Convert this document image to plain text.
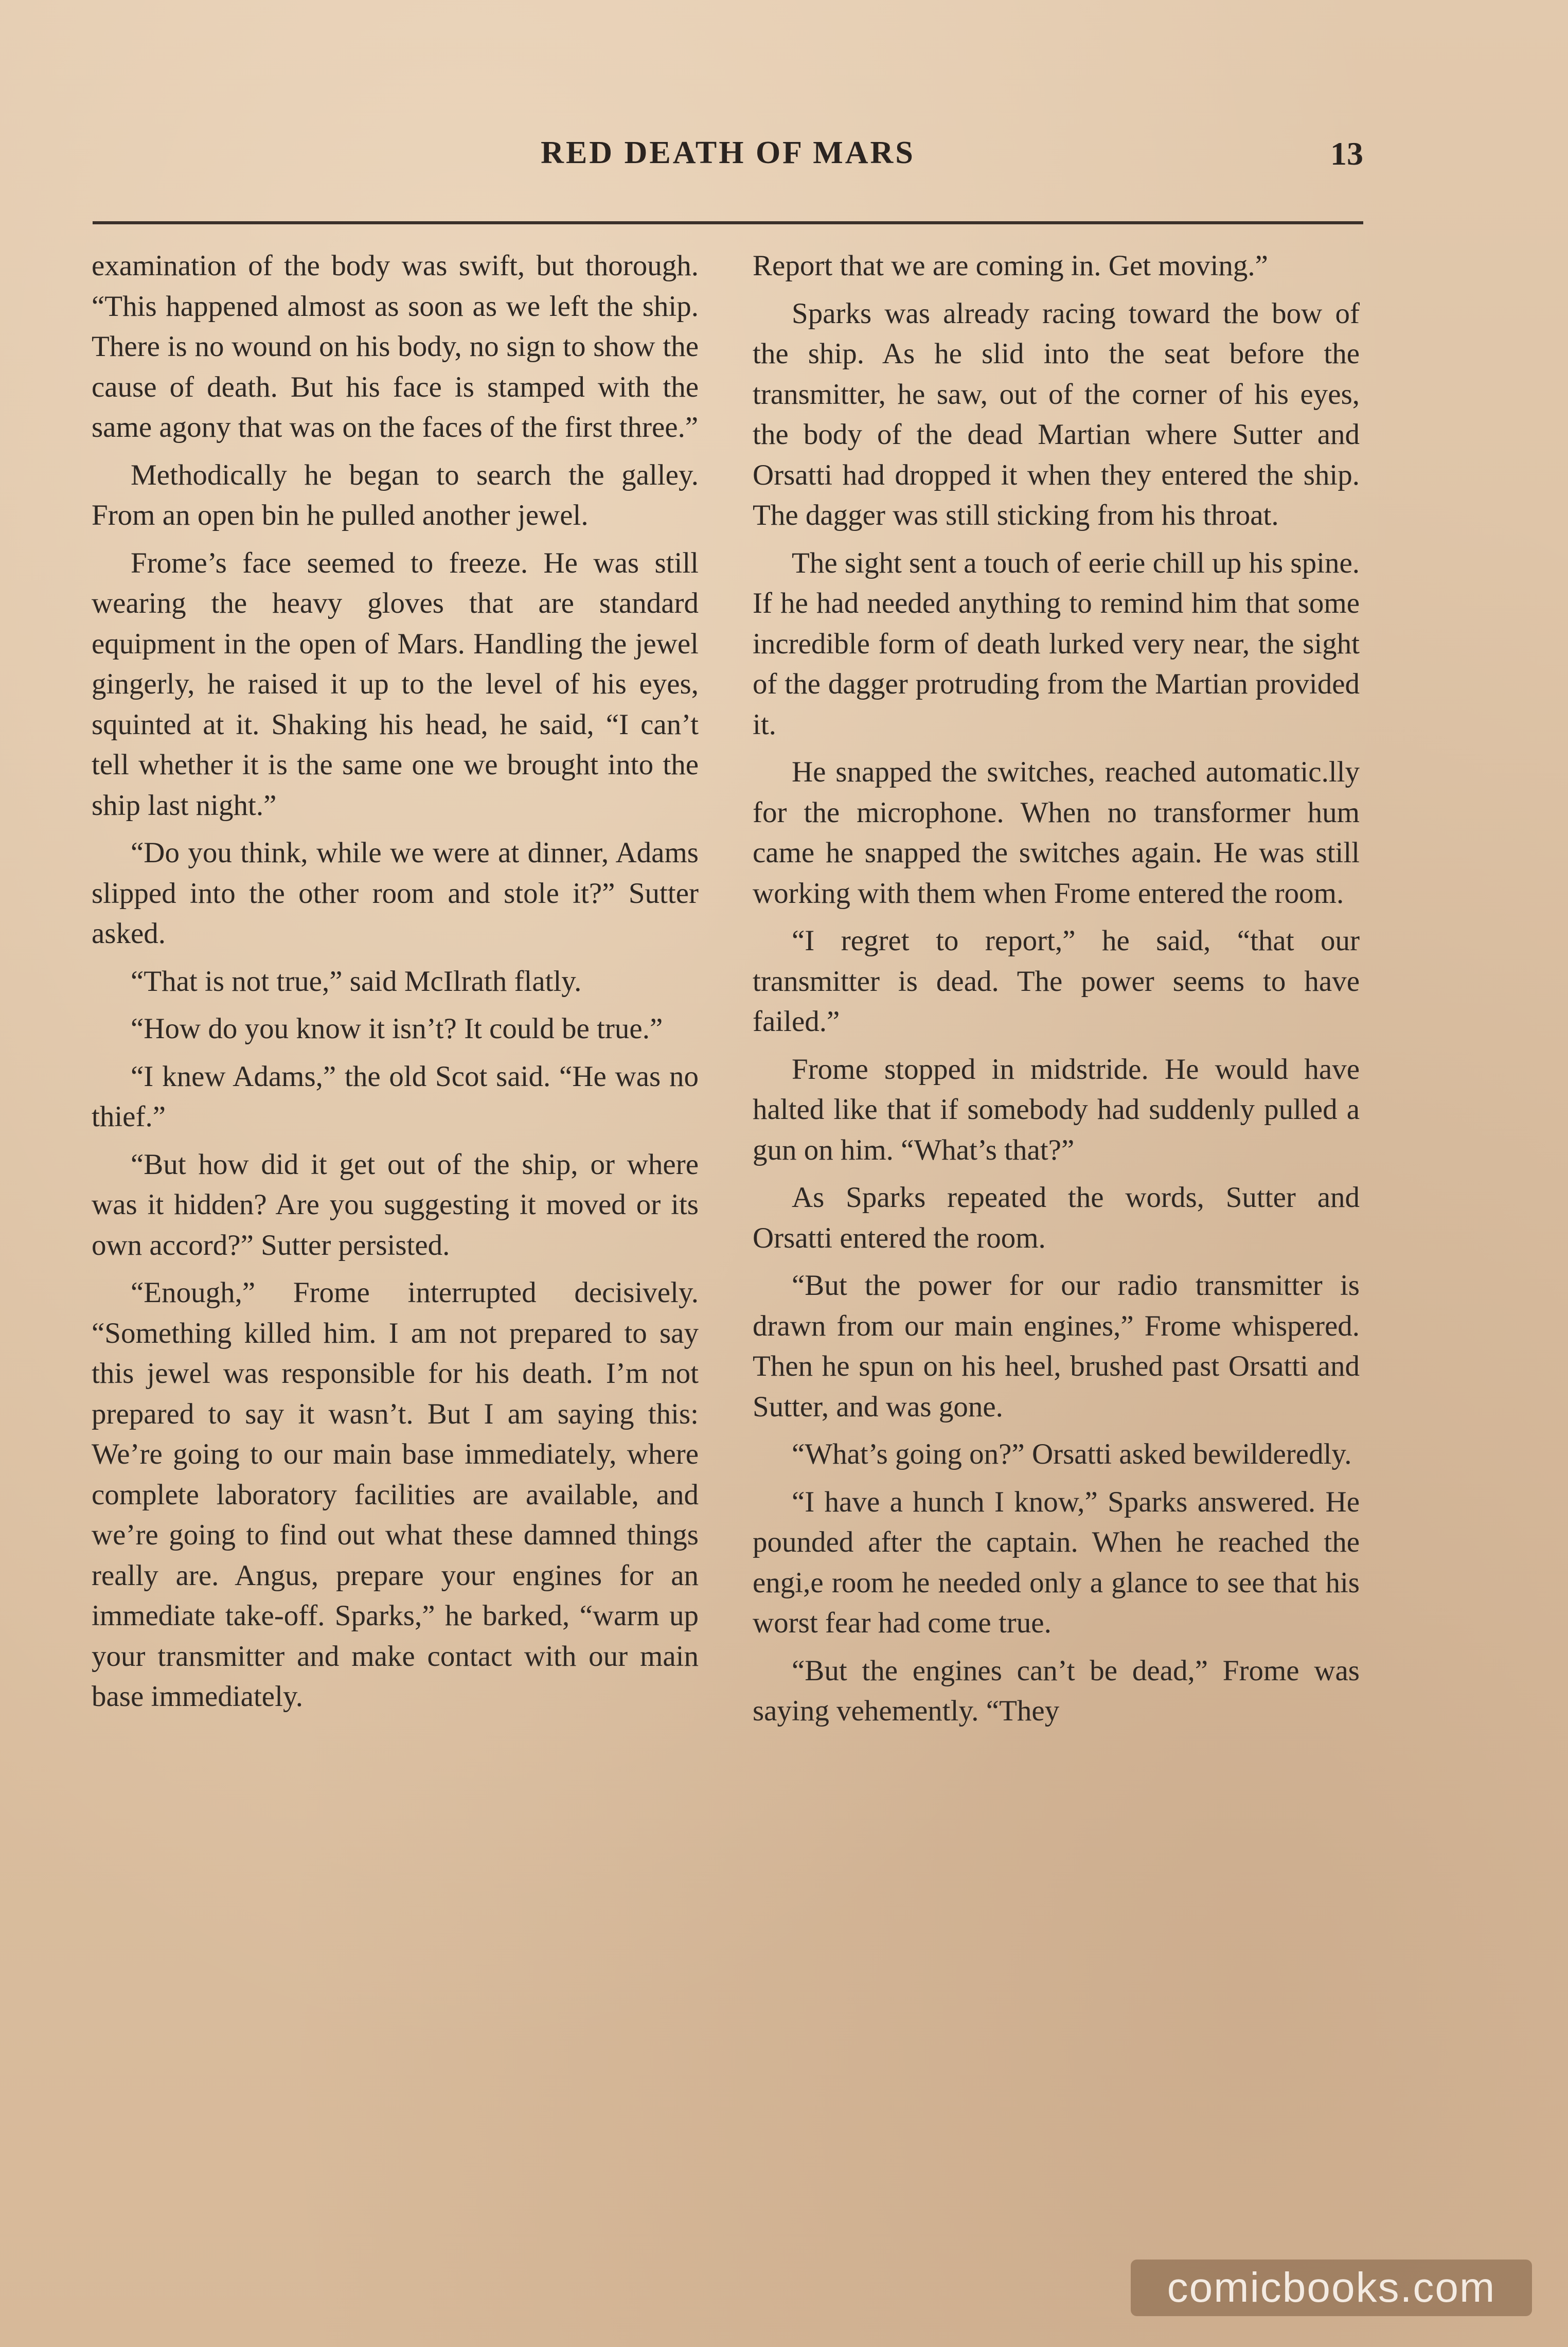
RED DEATH OF MARS	13

examination of the body was swift, but thorough. “This happened almost as soon as we left the ship. There is no wound on his body, no sign to show the cause of death. But his face is stamped with the same agony that was on the faces of the first three.”

Methodically he began to search the galley. From an open bin he pulled another jewel.

Frome’s face seemed to freeze. He was still wearing the heavy gloves that are standard equipment in the open of Mars. Handling the jewel gingerly, he raised it up to the level of his eyes, squinted at it. Shaking his head, he said, “I can’t tell whether it is the same one we brought into the ship last night.”

“Do you think, while we were at dinner, Adams slipped into the other room and stole it?” Sutter asked.

“That is not true,” said McIlrath flatly.

“How do you know it isn’t? It could be true.”

“I knew Adams,” the old Scot said. “He was no thief.”

“But how did it get out of the ship, or where was it hidden? Are you suggesting it moved or its own accord?” Sutter persisted.

“Enough,” Frome interrupted decisively. “Something killed him. I am not prepared to say this jewel was responsible for his death. I’m not prepared to say it wasn’t. But I am saying this: We’re going to our main base immediately, where complete laboratory facilities are available, and we’re going to find out what these damned things really are. Angus, prepare your engines for an immediate take-off. Sparks,” he barked, “warm up your transmitter and make contact with our main base immediately.

Report that we are coming in. Get moving.”

Sparks was already racing toward the bow of the ship. As he slid into the seat before the transmitter, he saw, out of the corner of his eyes, the body of the dead Martian where Sutter and Orsatti had dropped it when they entered the ship. The dagger was still sticking from his throat.

The sight sent a touch of eerie chill up his spine. If he had needed anything to remind him that some incredible form of death lurked very near, the sight of the dagger protruding from the Martian provided it.

He snapped the switches, reached automatic.lly for the microphone. When no transformer hum came he snapped the switches again. He was still working with them when Frome entered the room.

“I regret to report,” he said, “that our transmitter is dead. The power seems to have failed.”

Frome stopped in midstride. He would have halted like that if somebody had suddenly pulled a gun on him. “What’s that?”

As Sparks repeated the words, Sutter and Orsatti entered the room.

“But the power for our radio transmitter is drawn from our main engines,” Frome whispered. Then he spun on his heel, brushed past Orsatti and Sutter, and was gone.

“What’s going on?” Orsatti asked bewilderedly.

“I have a hunch I know,” Sparks answered. He pounded after the captain. When he reached the engi,e room he needed only a glance to see that his worst fear had come true.

“But the engines can’t be dead,” Frome was saying vehemently. “They

comicbooks.com
